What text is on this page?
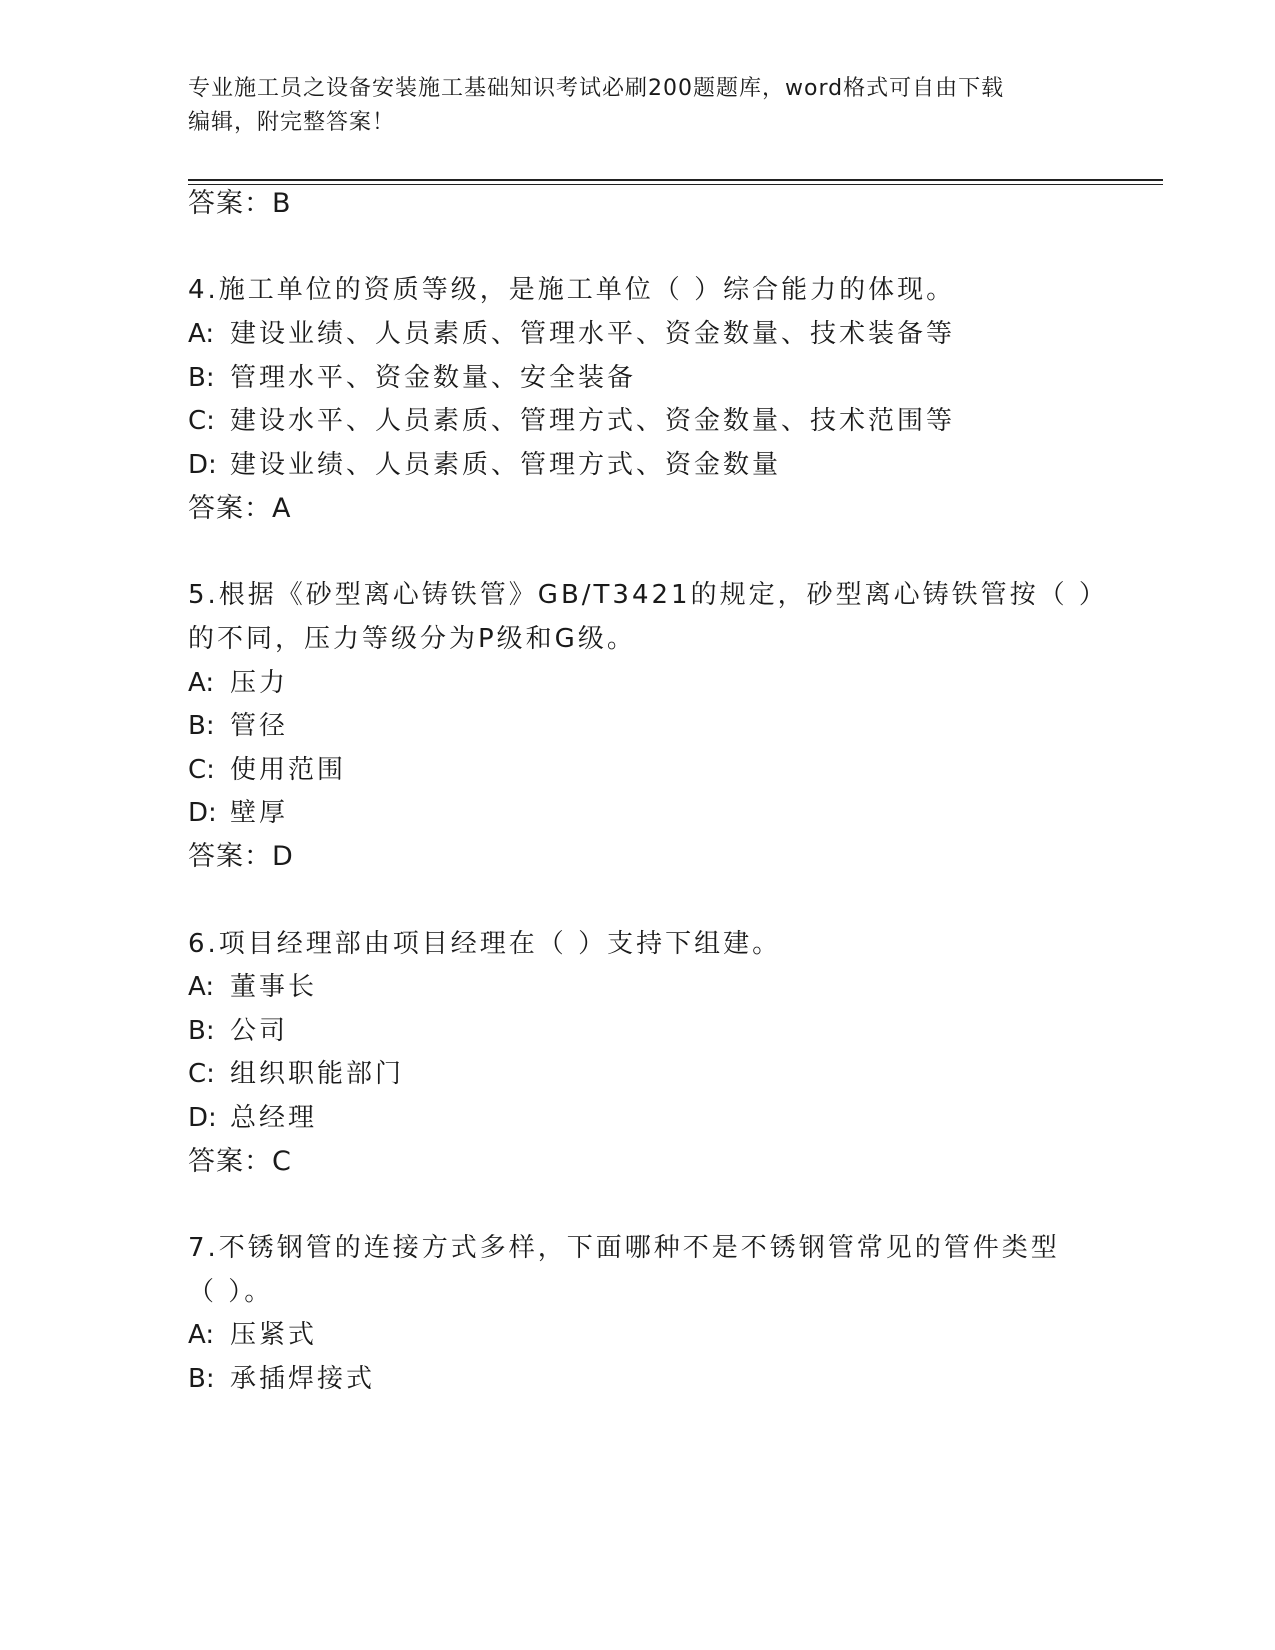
专业施工员之设备安装施工基础知识考试必刷200题题库，word格式可自由下载
编辑，附完整答案！
答案：B
4.施工单位的资质等级，是施工单位（ ）综合能力的体现。
A: 建设业绩、人员素质、管理水平、资金数量、技术装备等
B: 管理水平、资金数量、安全装备
C: 建设水平、人员素质、管理方式、资金数量、技术范围等
D: 建设业绩、人员素质、管理方式、资金数量
答案：A
5.根据《砂型离心铸铁管》GB/T3421的规定，砂型离心铸铁管按（ ）
的不同，压力等级分为P级和G级。
A: 压力
B: 管径
C: 使用范围
D: 壁厚
答案：D
6.项目经理部由项目经理在（ ）支持下组建。
A: 董事长
B: 公司
C: 组织职能部门
D: 总经理
答案：C
7.不锈钢管的连接方式多样，下面哪种不是不锈钢管常见的管件类型
（ ）。
A: 压紧式
B: 承插焊接式
